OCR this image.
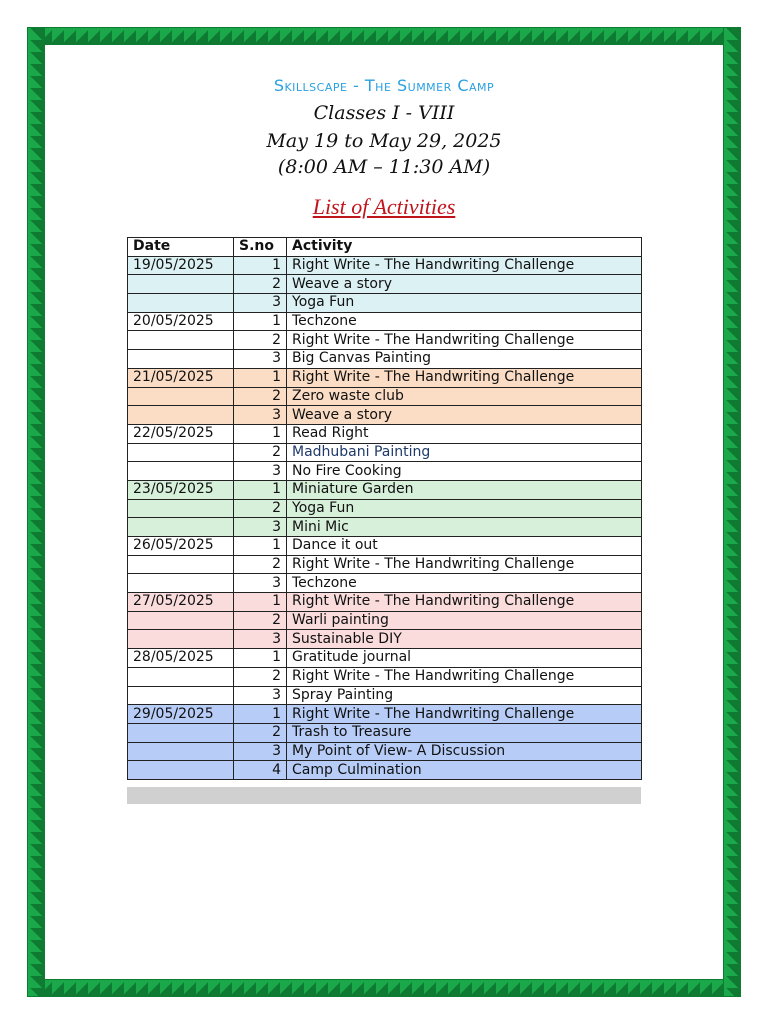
Skillscape - The Summer Camp
Classes I - VIII
May 19 to May 29, 2025
(8:00 AM – 11:30 AM)
List of Activities
Date	S.no	Activity
19/05/2025	1	Right Write - The Handwriting Challenge
	2	Weave a story
	3	Yoga Fun
20/05/2025	1	Techzone
	2	Right Write - The Handwriting Challenge
	3	Big Canvas Painting
21/05/2025	1	Right Write - The Handwriting Challenge
	2	Zero waste club
	3	Weave a story
22/05/2025	1	Read Right
	2	Madhubani Painting
	3	No Fire Cooking
23/05/2025	1	Miniature Garden
	2	Yoga Fun
	3	Mini Mic
26/05/2025	1	Dance it out
	2	Right Write - The Handwriting Challenge
	3	Techzone
27/05/2025	1	Right Write - The Handwriting Challenge
	2	Warli painting
	3	Sustainable DIY
28/05/2025	1	Gratitude journal
	2	Right Write - The Handwriting Challenge
	3	Spray Painting
29/05/2025	1	Right Write - The Handwriting Challenge
	2	Trash to Treasure
	3	My Point of View- A Discussion
	4	Camp Culmination
